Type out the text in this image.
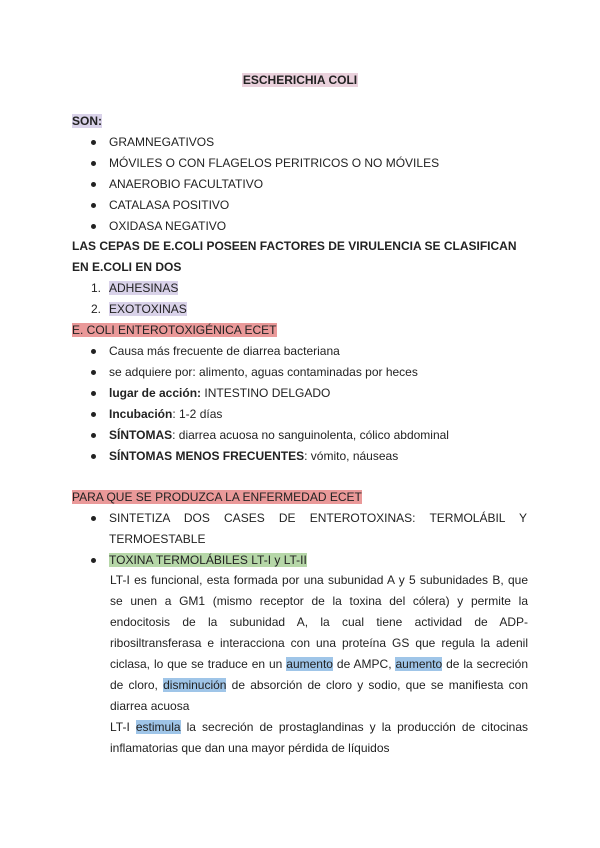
ESCHERICHIA COLI
SON:
GRAMNEGATIVOS
MÓVILES O CON FLAGELOS PERITRICOS O NO MÓVILES
ANAEROBIO FACULTATIVO
CATALASA POSITIVO
OXIDASA NEGATIVO
LAS CEPAS DE E.COLI POSEEN FACTORES DE VIRULENCIA SE CLASIFICAN
EN E.COLI EN DOS
1. ADHESINAS
2. EXOTOXINAS
E. COLI ENTEROTOXIGÉNICA ECET
Causa más frecuente de diarrea bacteriana
se adquiere por: alimento, aguas contaminadas por heces
lugar de acción: INTESTINO DELGADO
Incubación: 1-2 días
SÍNTOMAS: diarrea acuosa no sanguinolenta, cólico abdominal
SÍNTOMAS MENOS FRECUENTES: vómito, náuseas
PARA QUE SE PRODUZCA LA ENFERMEDAD ECET
SINTETIZA DOS CASES DE ENTEROTOXINAS: TERMOLÁBIL Y
TERMOESTABLE
TOXINA TERMOLÁBILES LT-I y LT-II

LT-I es funcional, esta formada por una subunidad A y 5 subunidades B, que se unen a GM1 (mismo receptor de la toxina del cólera) y permite la endocitosis de la subunidad A, la cual tiene actividad de ADP-ribosiltransferasa e interacciona con una proteína GS que regula la adenil ciclasa, lo que se traduce en un aumento de AMPC, aumento de la secreción de cloro, disminución de absorción de cloro y sodio, que se manifiesta con diarrea acuosa

LT-I estimula la secreción de prostaglandinas y la producción de citocinas inflamatorias que dan una mayor pérdida de líquidos
